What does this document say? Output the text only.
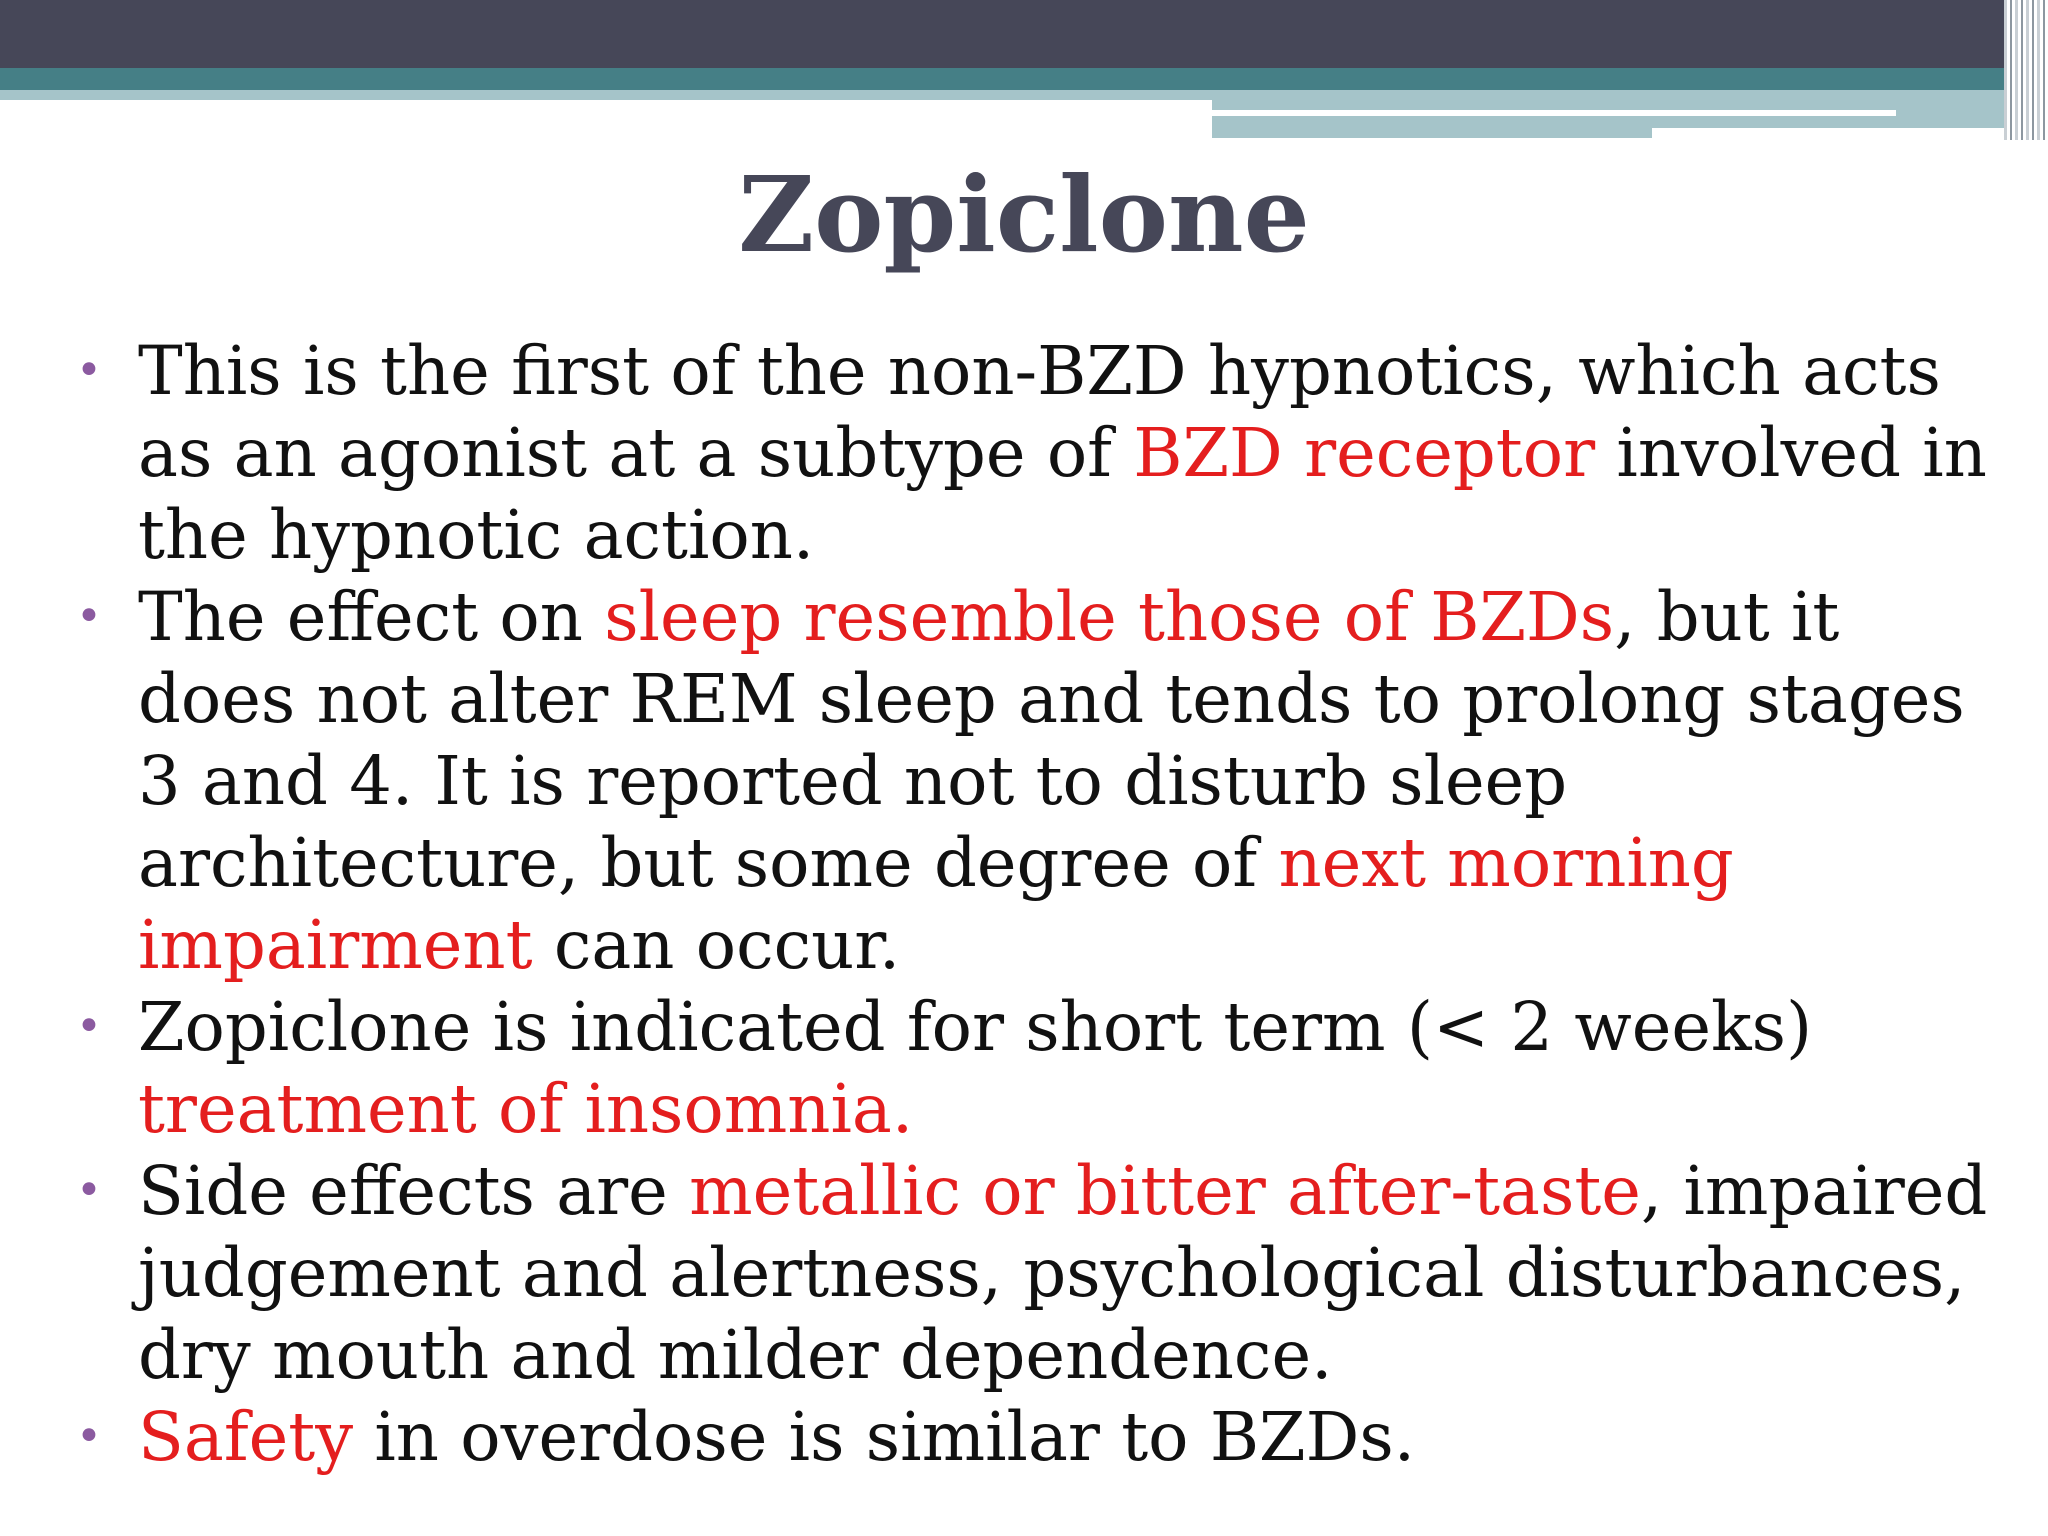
Zopiclone
• This is the first of the non-BZD hypnotics, which acts as an agonist at a subtype of BZD receptor involved in the hypnotic action.
• The effect on sleep resemble those of BZDs, but it does not alter REM sleep and tends to prolong stages 3 and 4. It is reported not to disturb sleep architecture, but some degree of next morning impairment can occur.
• Zopiclone is indicated for short term (< 2 weeks) treatment of insomnia.
• Side effects are metallic or bitter after-taste, impaired judgement and alertness, psychological disturbances, dry mouth and milder dependence.
• Safety in overdose is similar to BZDs.
